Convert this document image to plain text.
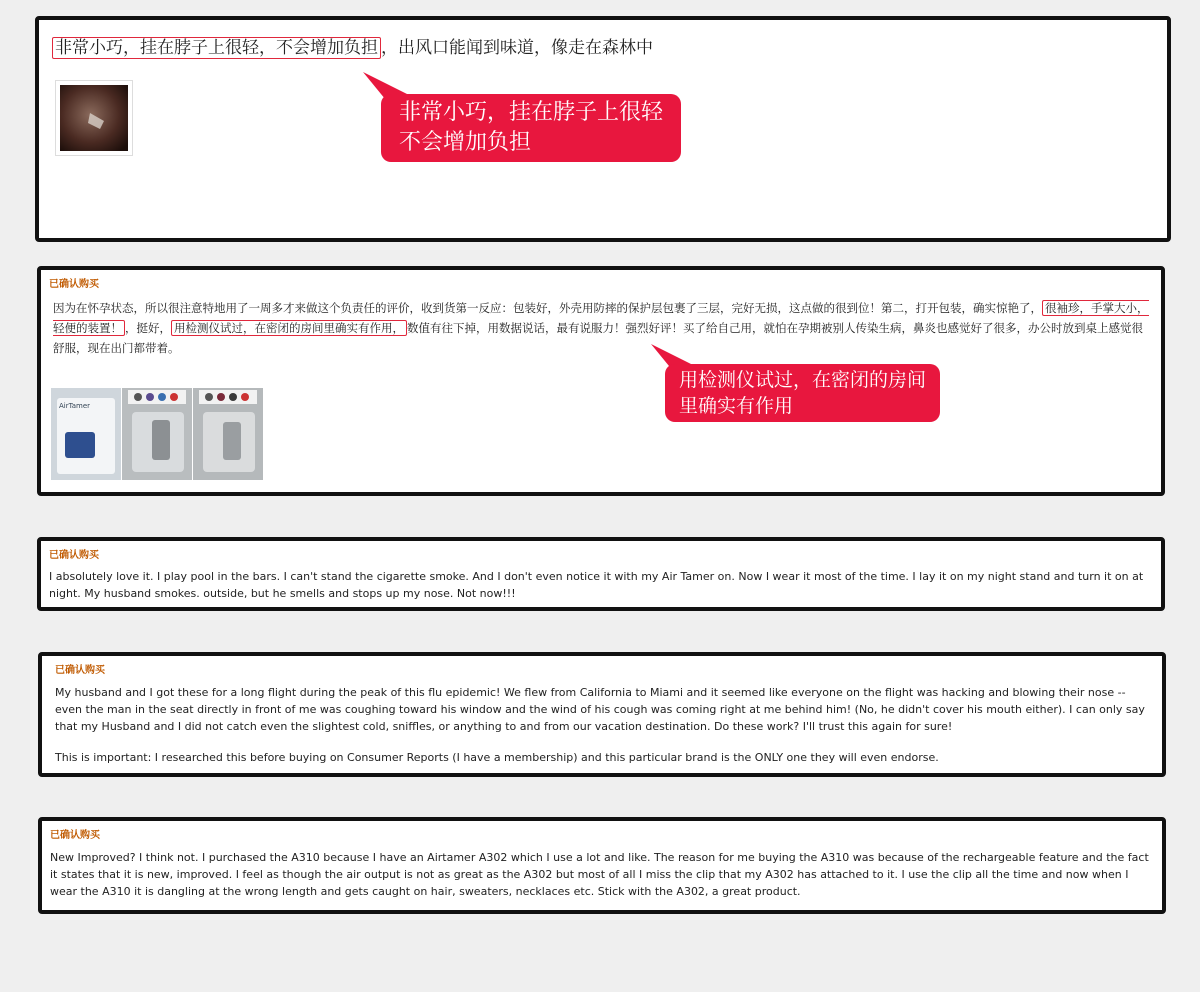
非常小巧，挂在脖子上很轻，不会增加负担 ，出风口能闻到味道，像走在森林中
非常小巧，挂在脖子上很轻
不会增加负担
已确认购买
因为在怀孕状态，所以很注意特地用了一周多才来做这个负责任的评价，收到货第一反应：包装好，外壳用防摔的保护层包裹了三层，完好无损，这点做的很到位！第二，打开包装，确实惊艳了， 很袖珍，手掌大小，轻便的装置！ ，挺好， 用检测仪试过，在密闭的房间里确实有作用， 数值有往下掉，用数据说话，最有说服力！强烈好评！买了给自己用，就怕在孕期被别人传染生病，鼻炎也感觉好了很多，办公时放到桌上感觉很舒服，现在出门都带着。
AirTamer
用检测仪试过，在密闭的房间
里确实有作用
已确认购买
I absolutely love it. I play pool in the bars. I can't stand the cigarette smoke. And I don't even notice it with my Air Tamer on. Now I wear it most of the time. I lay it on my night stand and turn it on at night. My husband smokes. outside, but he smells and stops up my nose. Not now!!!
已确认购买
My husband and I got these for a long flight during the peak of this flu epidemic! We flew from California to Miami and it seemed like everyone on the flight was hacking and blowing their nose -- even the man in the seat directly in front of me was coughing toward his window and the wind of his cough was coming right at me behind him! (No, he didn't cover his mouth either). I can only say that my Husband and I did not catch even the slightest cold, sniffles, or anything to and from our vacation destination. Do these work? I'll trust this again for sure!
This is important: I researched this before buying on Consumer Reports (I have a membership) and this particular brand is the ONLY one they will even endorse.
已确认购买
New Improved? I think not. I purchased the A310 because I have an Airtamer A302 which I use a lot and like. The reason for me buying the A310 was because of the rechargeable feature and the fact it states that it is new, improved. I feel as though the air output is not as great as the A302 but most of all I miss the clip that my A302 has attached to it. I use the clip all the time and now when I wear the A310 it is dangling at the wrong length and gets caught on hair, sweaters, necklaces etc. Stick with the A302, a great product.
